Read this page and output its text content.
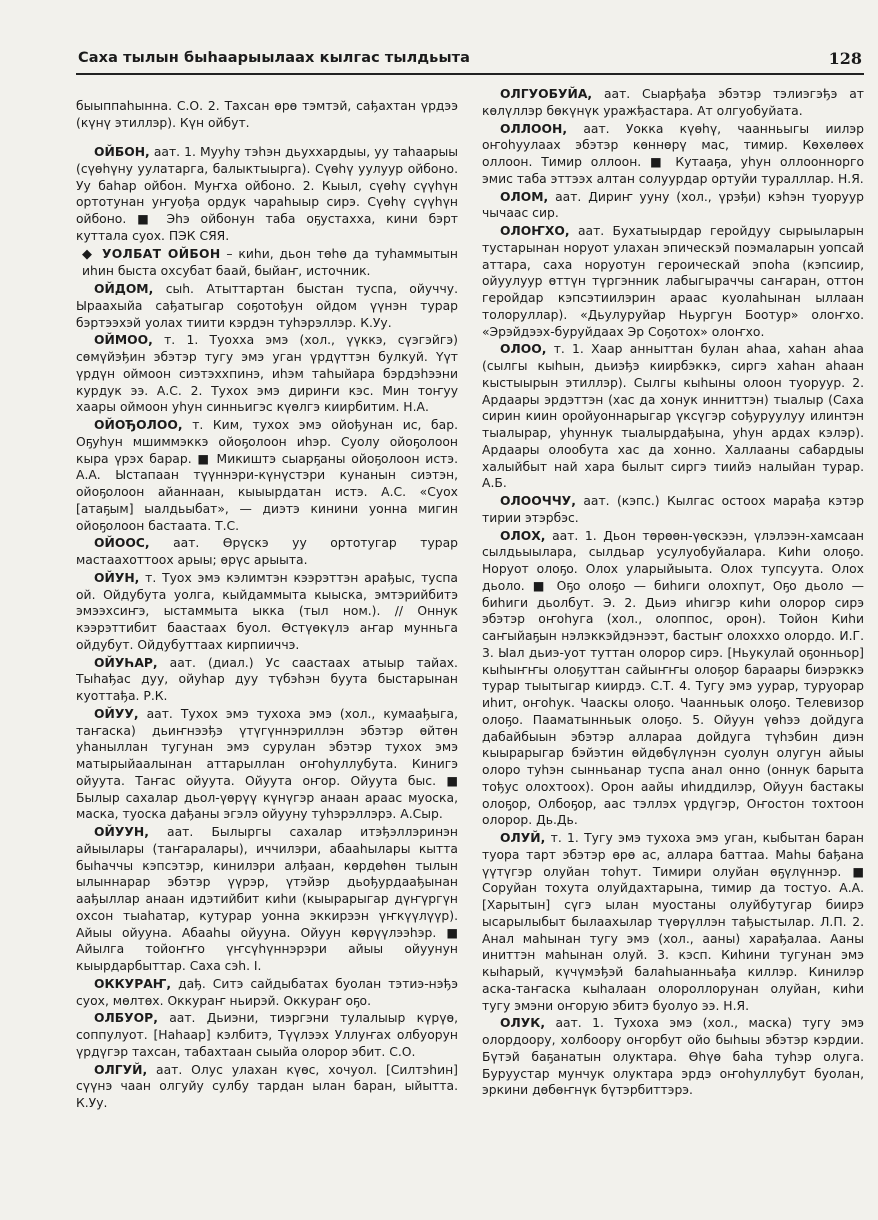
Саха тылын быһаарыылаах кылгас тылдьыта	128

быыппаһынна. С.О. 2. Тахсан өрө тэмтэй, сађахтан үрдээ (күнү этиллэр). Күн ойбут.

ОЙБОН, аат. 1. Мууһу тэһэн дьуххардыы, уу таһаарыы (сүөһүну уулатарга, балыктыырга). Сүөһү уулуур ойбоно. Уу баһар ойбон. Муҥха ойбоно. 2. Кыыл, сүөһү сүүһүн ортотунан уҥуођа ордук чараһыыр сирэ. Сүөһү сүүһүн ойбоно. ■ Эһэ ойбонун таба оҕустахха, кини бэрт куттала суох. ПЭК СЯЯ.

◆ УОЛБАТ ОЙБОН – киһи, дьон төһө да туһаммытын иһин быста охсубат баай, быйаҥ, источник.

ОЙДОМ, сыһ. Атыттартан быстан туспа, ойуччу. Ыраахыйа сађатыгар соҕотођун ойдом үүнэн турар бэртээхэй уолах тиити кэрдэн туһэрэллэр. К.Уу.

ОЙМОО, т. 1. Туохха эмэ (хол., үүккэ, сүэгэйгэ) сөмүйэђин эбэтэр тугу эмэ уган үрдүттэн булкуй. Үүт үрдүн оймоон сиэтэххпинэ, иһэм таһыйара бэрдэһээни курдук ээ. А.С. 2. Тухох эмэ дириҥи кэс. Мин тоҥуу хаары оймоон уһун синньигэс күөлгэ киирбитим. Н.А.

ОЙОЂОЛОО, т. Ким, тухох эмэ ойођунан ис, бар. Оҕуһун мшиммэккэ ойоҕолоон иһэр. Суолу ойоҕолоон кыра үрэх барар. ■ Микиштэ сыарҕаны ойоҕолоон истэ. А.А. Ыстапаан түүннэри-күнүстэри кунанын сиэтэн, ойоҕолоон айаннаан, кыыырдатан истэ. А.С. «Суох [атаҕым] ыалдьыбат», — диэтэ кинини уонна мигин ойоҕолоон бастаата. Т.С.

ОЙООС, аат. Өрүскэ уу ортотугар турар мастаахоттоох арыы; өрүс арыыта.

ОЙУН, т. Туох эмэ кэлимтэн кээрэттэн арађыс, туспа ой. Ойдубута уолга, кыйдаммыта кыыска, эмтэрийбитэ эмээхсиҥэ, ыстаммыта ыкка (тыл ном.). // Оннук кээрэттибит баастаах буол. Өстүөкүлэ аҥар мунньга ойдубут. Ойдубуттаах кирпииччэ.

ОЙУҺАР, аат. (диал.) Ус саастаах атыыр тайах. Тыһађас дуу, ойуһар дуу түбэһэн буута быстарынан куоттађа. Р.К.

ОЙУУ, аат. Тухох эмэ тухоха эмэ (хол., кумаађыга, таҥаска) дьиҥнээђэ үтүгүннэриллэн эбэтэр өйтөн уһаныллан тугунан эмэ сурулан эбэтэр тухох эмэ матырыйаалынан аттарыллан оҥоһуллубута. Кинигэ ойуута. Таҥас ойуута. Ойуута оҥор. Ойуута быс. ■ Былыр сахалар дьол-үөрүү күнүгэр анаан араас муоска, маска, туоска дађаны эгэлэ ойууну туһэрэллэрэ. А.Сыр.

ОЙУУН, аат. Былыргы сахалар итэђэллэринэн айыылары (таҥаралары), иччилэри, абааһылары кытта быһаччы кэпсэтэр, кинилэри алђаан, көрдөһөн тылын ылыннарар эбэтэр үүрэр, үтэйэр дьођурдаађынан аађыллар анаан идэтийбит киһи (кыырарыгар дүҥүргүн охсон тыаһатар, кутурар уонна эккирээн үҥкүүлүүр). Айыы ойууна. Абааһы ойууна. Ойуун көрүүлээһэр. ■ Айылга тойоҥҥо үҥсүһүннэрэри айыы ойуунун кыырдарбыттар. Саха сэһ. I.

ОККУРАҤ, дађ. Ситэ сайдыбатах буолан тэтиэ-нэђэ суох, мөлтөх. Оккураҥ ньирэй. Оккураҥ оҕо.

ОЛБУОР, аат. Дьиэни, тиэргэни тулалыыр күрүө, соппулуот. [Наһаар] кэлбитэ, Түүлээх Уллуҥах олбуорун үрдүгэр тахсан, табахтаан сыыйа олорор эбит. С.О.

ОЛГУЙ, аат. Олус улахан күөс, хочуол. [Силтэһин] сүүнэ чаан олгуйу сулбу тардан ылан баран, ыйытта. К.Уу.

ОЛГУОБУЙА, аат. Сыарђађа эбэтэр тэлиэгэђэ ат көлүллэр бөкүнүк уражђастара. Ат олгуобуйата.

ОЛЛООН, аат. Уокка күөһү, чаанньыгы иилэр оҥоһуулаах эбэтэр көннөрү мас, тимир. Көхөлөөх оллоон. Тимир оллоон. ■ Кутааҕа, уһун оллоонноргo эмис таба эттээх алтан солуурдар ортуйи туралллар. Н.Я.

ОЛОМ, аат. Дириҥ ууну (хол., үрэђи) кэһэн туоруур чычаас сир.

ОЛОҤХО, аат. Бухатыырдар геройдуу сырыыларын тустарынан норуот улахан эпическэй поэмаларын уопсай аттара, саха норуотун героическай эпоһа (кэпсиир, ойуулуур өттүн түргэнник лабыгыраччы саҥаран, оттон геройдар кэпсэтиилэрин араас куолаһынан ыллаан толоруллар). «Дьулуруйар Ньургун Боотур» олоҥхо. «Эрэйдээх-буруйдаах Эр Соҕотох» олоҥхо.

ОЛОО, т. 1. Хаар анныттан булан аһаа, хаһан аһаа (сылгы кыһын, дьиэђэ киирбэккэ, сиргэ хаһан аһаан кыстыырын этиллэр). Сылгы кыһыны олоон туоруур. 2. Ардаары эрдэттэн (хас да хонук инниттэн) тыалыр (Саха сирин киин оройуоннарыгар үксүгэр сођуруулуу илинтэн тыалырар, уһуннук тыалырдађына, уһун ардах кэлэр). Ардаары олообута хас да хонно. Халлааны сабардыы халыйбыт най хара былыт сиргэ тиийэ налыйан турар. А.Б.

ОЛООЧЧУ, аат. (кэпс.) Кылгас остоох марађа кэтэр тирии этэрбэс.

ОЛОХ, аат. 1. Дьон төрөөн-үөскээн, үлэлээн-хамсаан сылдьыылара, сылдьар усулуобуйалара. Киһи олоҕо. Норуот олоҕо. Олох уларыйыыта. Олох тупсуута. Олох дьоло. ■ Оҕо олоҕо — биһиги олохпут, Оҕо дьоло — биһиги дьолбут. Э. 2. Дьиэ иһигэр киһи олорор сирэ эбэтэр оҥоһуга (хол., олоппос, орон). Тойон Киһи саҥыйаҕын нэлэккэйдэнээт, бастыҥ олохххо олордо. И.Г. 3. Ыал дьиэ-уот туттан олорор сирэ. [Ньукулай оҕонньор] кыһыҥҥы олоҕуттан сайыҥҥы олоҕор бараары биэрэккэ турар тыытыгар киирдэ. С.Т. 4. Тугу эмэ уурар, туруорар иһит, оҥоһук. Чааскы олоҕо. Чаанньык олоҕо. Телевизор олоҕо. Пааматынньык олоҕо. 5. Ойуун үөһээ дойдуга дабайбыын эбэтэр аллараа дойдуга түһэбин диэн кыырарыгар бэйэтин өйдөбүлүнэн суолун олугун айыы олоро туһэн сынньанар туспа анал онно (оннук барыта тођус олохтоох). Орон аайы иһиддилэр, Ойуун бастакы олоҕор, Олбоҕор, аас тэллэх үрдүгэр, Оҥостон тохтоон олорор. Дь.Дь.

ОЛУЙ, т. 1. Тугу эмэ тухоха эмэ уган, кыбытан баран туора тарт эбэтэр өрө ас, аллара баттаа. Маһы бађана үүтүгэр олуйан тоһут. Тимири олуйан өҕүлүннэр. ■ Соруйан тохута олуйдахтарына, тимир да тостуо. А.А. [Харытын] сүгэ ылан муостаны олуйбутугар биирэ ысарылыбыт былаахылар түөрүллэн тађыстылар. Л.П. 2. Анал маһынан тугу эмэ (хол., ааны) харађалаа. Ааны иниттэн маһынан олуй. 3. кэсп. Киһини тугунан эмэ кыһарый, күчүмэђэй балаһыанньађа киллэр. Кинилэр аска-таҥаска кыһалаан олороллорунан олуйан, киһи тугу эмэни оҥорую эбитэ буолуо ээ. Н.Я.

ОЛУК, аат. 1. Тухоха эмэ (хол., маска) тугу эмэ олордоору, холбоору оҥорбут ойо быһыы эбэтэр кэрдии. Бүтэй баҕанатын олуктара. Өһүө баһа туһэр олуга. Буруустар мунчук олуктара эрдэ оҥоһуллубут буолан, эркини дөбөҥнүк бүтэрбиттэрэ.
